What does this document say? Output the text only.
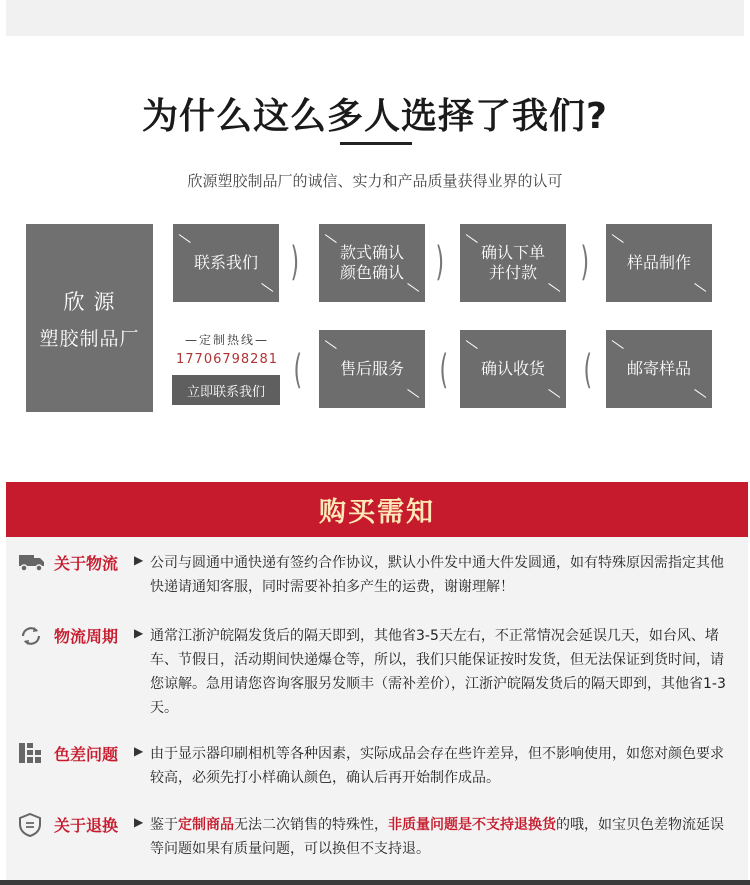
为什么这么多人选择了我们?
欣源塑胶制品厂的诚信、实力和产品质量获得业界的认可
欣源
塑胶制品厂
联系我们 )	款式确认
颜色确认 ) 确认下单
并付款 ) 样品制作
—定制热线—
17706798281
立即联系我们 ( 售后服务 ( 确认收货 ( 邮寄样品
购买需知
关于物流 ▶ 公司与圆通中通快递有签约合作协议，默认小件发中通大件发圆通，如有特殊原因需指定其他快递请通知客服，同时需要补拍多产生的运费，谢谢理解！
物流周期 ▶ 通常江浙沪皖隔发货后的隔天即到，其他省3-5天左右，不正常情况会延误几天，如台风、堵车、节假日，活动期间快递爆仓等，所以，我们只能保证按时发货，但无法保证到货时间，请您谅解。急用请您咨询客服另发顺丰（需补差价），江浙沪皖隔发货后的隔天即到，其他省1-3天。
色差问题 ▶ 由于显示器印刷相机等各种因素，实际成品会存在些许差异，但不影响使用，如您对颜色要求较高，必须先打小样确认颜色，确认后再开始制作成品。
关于退换 ▶ 鉴于定制商品无法二次销售的特殊性，非质量问题是不支持退换货的哦，如宝贝色差物流延误等问题如果有质量问题，可以换但不支持退。
